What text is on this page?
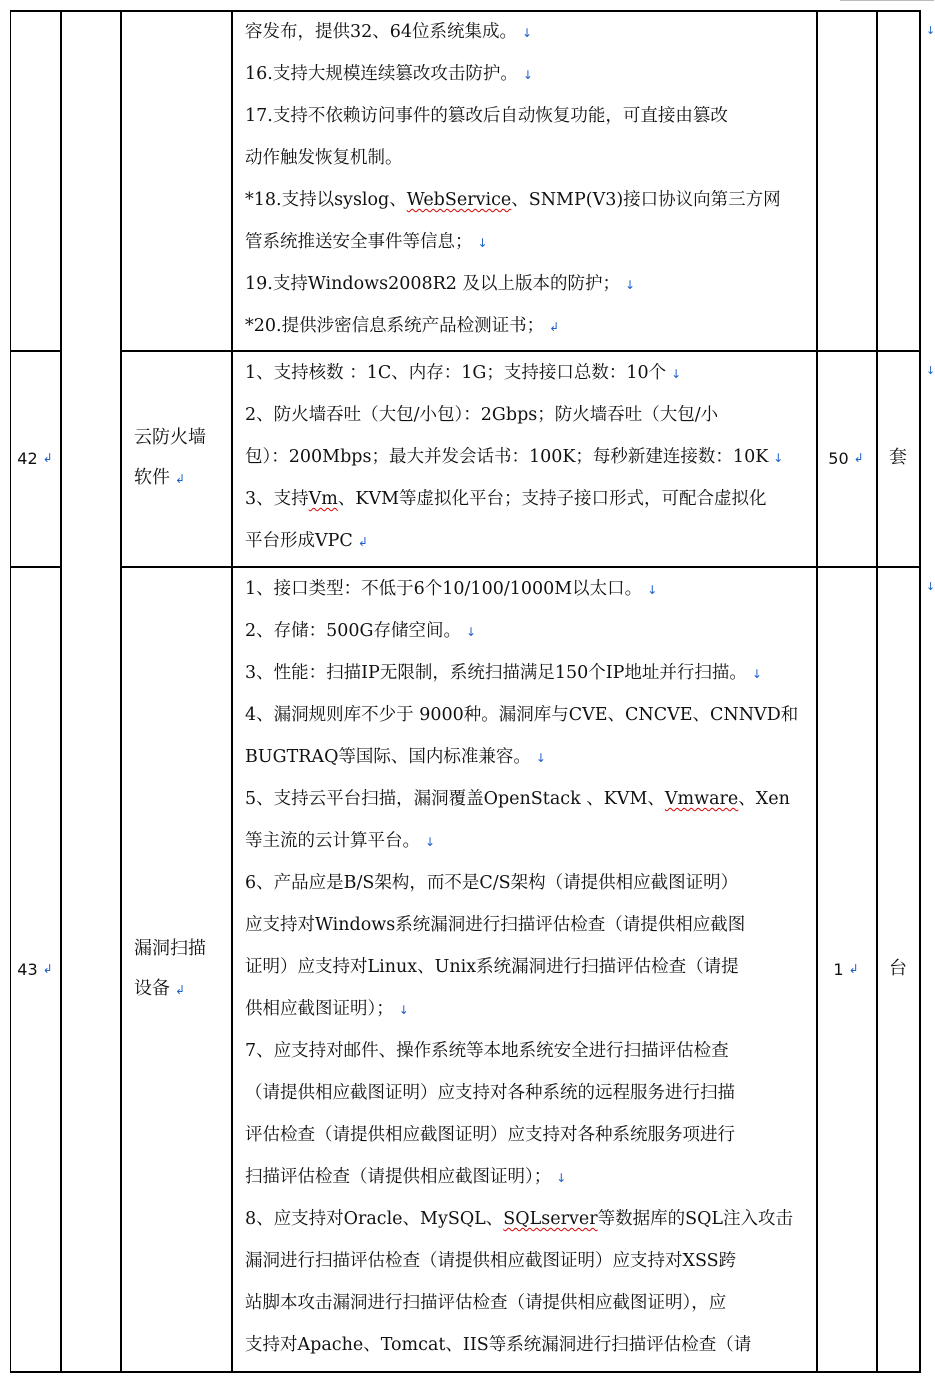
容发布，提供32、64位系统集成。 ↓
16.支持大规模连续篡改攻击防护。 ↓
17.支持不依赖访问事件的篡改后自动恢复功能，可直接由篡改
动作触发恢复机制。
*18.支持以syslog、WebService、SNMP(V3)接口协议向第三方网
管系统推送安全事件等信息； ↓
19.支持Windows2008R2 及以上版本的防护； ↓
*20.提供涉密信息系统产品检测证书； ↲
42 ↲
云防火墙
软件 ↲
1、支持核数 ：1C、内存：1G；支持接口总数：10个 ↓
2、防火墙吞吐（大包/小包）：2Gbps；防火墙吞吐（大包/小
包）：200Mbps；最大并发会话书：100K；每秒新建连接数：10K ↓
3、支持Vm、KVM等虚拟化平台；支持子接口形式，可配合虚拟化
平台形成VPC ↲
50 ↲	套
43 ↲
漏洞扫描
设备 ↲
1、接口类型：不低于6个10/100/1000M以太口。 ↓
2、存储：500G存储空间。 ↓
3、性能：扫描IP无限制，系统扫描满足150个IP地址并行扫描。 ↓
4、漏洞规则库不少于 9000种。漏洞库与CVE、CNCVE、CNNVD和
BUGTRAQ等国际、国内标准兼容。 ↓
5、支持云平台扫描，漏洞覆盖OpenStack 、KVM、Vmware、Xen
等主流的云计算平台。 ↓
6、产品应是B/S架构，而不是C/S架构（请提供相应截图证明）
应支持对Windows系统漏洞进行扫描评估检查（请提供相应截图
证明）应支持对Linux、Unix系统漏洞进行扫描评估检查（请提
供相应截图证明）； ↓
7、应支持对邮件、操作系统等本地系统安全进行扫描评估检查
（请提供相应截图证明）应支持对各种系统的远程服务进行扫描
评估检查（请提供相应截图证明）应支持对各种系统服务项进行
扫描评估检查（请提供相应截图证明）； ↓
8、应支持对Oracle、MySQL、SQLserver等数据库的SQL注入攻击
漏洞进行扫描评估检查（请提供相应截图证明）应支持对XSS跨
站脚本攻击漏洞进行扫描评估检查（请提供相应截图证明），应
支持对Apache、Tomcat、IIS等系统漏洞进行扫描评估检查（请
1 ↲	台
↓
↓
↓
